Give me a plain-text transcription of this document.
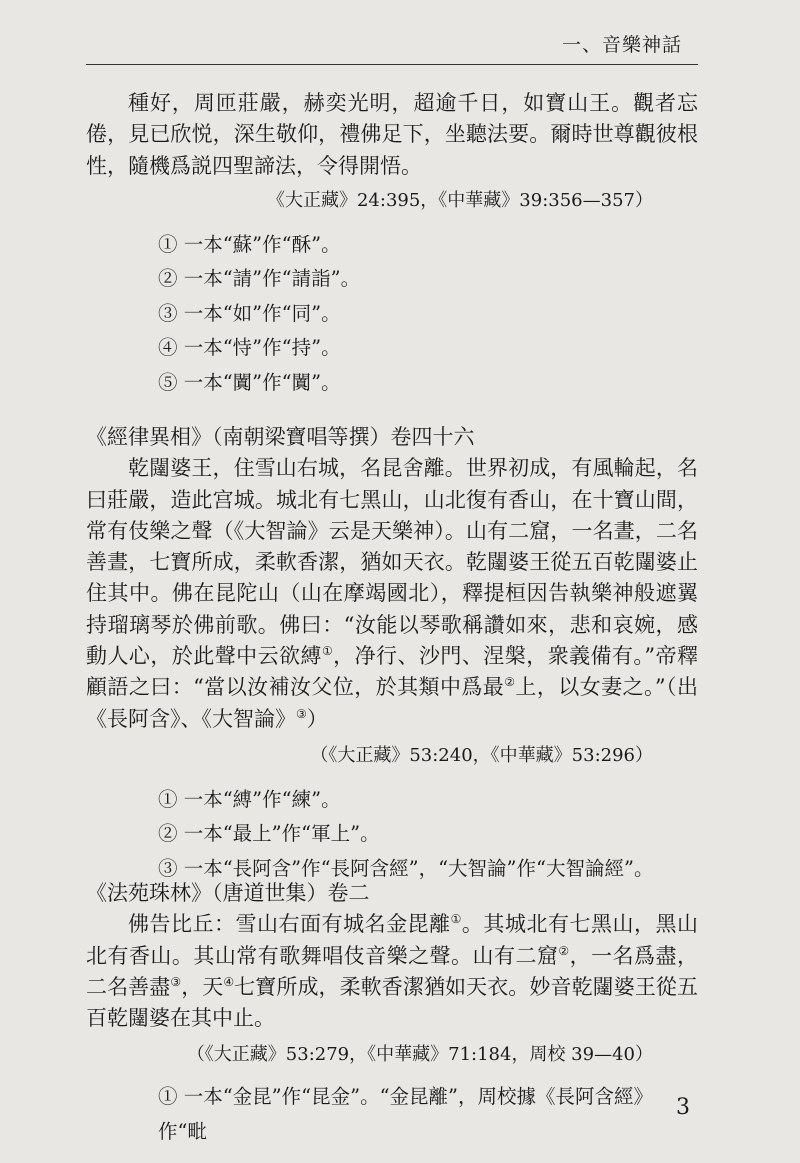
一、音樂神話

種好，周匝莊嚴，赫奕光明，超逾千日，如寶山王。觀者忘倦，見已欣悦，深生敬仰，禮佛足下，坐聽法要。爾時世尊觀彼根性，隨機爲説四聖諦法，令得開悟。

《大正藏》24:395，《中華藏》39:356—357）

① 一本“蘇”作“酥”。

② 一本“請”作“請詣”。

③ 一本“如”作“同”。

④ 一本“恃”作“持”。

⑤ 一本“闐”作“闐”。

《經律異相》（南朝梁寶唱等撰）卷四十六

乾闥婆王，住雪山右城，名昆舍離。世界初成，有風輪起，名曰莊嚴，造此宫城。城北有七黑山，山北復有香山，在十寶山間，常有伎樂之聲（《大智論》云是天樂神）。山有二窟，一名晝，二名善晝，七寶所成，柔軟香潔，猶如天衣。乾闥婆王從五百乾闥婆止住其中。佛在昆陀山（山在摩竭國北），釋提桓因告執樂神般遮翼持瑠璃琴於佛前歌。佛曰：“汝能以琴歌稱讚如來，悲和哀婉，感動人心，於此聲中云欲縛①，净行、沙門、涅槃，衆義備有。”帝釋顧語之曰：“當以汝補汝父位，於其類中爲最②上，以女妻之。”（出《長阿含》、《大智論》③）

（《大正藏》53:240，《中華藏》53:296）

① 一本“縛”作“練”。

② 一本“最上”作“軍上”。

③ 一本“長阿含”作“長阿含經”，“大智論”作“大智論經”。

《法苑珠林》（唐道世集）卷二

佛告比丘：雪山右面有城名金毘離①。其城北有七黑山，黑山北有香山。其山常有歌舞唱伎音樂之聲。山有二窟②，一名爲盡，二名善盡③，天④七寶所成，柔軟香潔猶如天衣。妙音乾闥婆王從五百乾闥婆在其中止。

（《大正藏》53:279，《中華藏》71:184，周校 39—40）

① 一本“金昆”作“昆金”。“金昆離”，周校據《長阿含經》作“毗

3
